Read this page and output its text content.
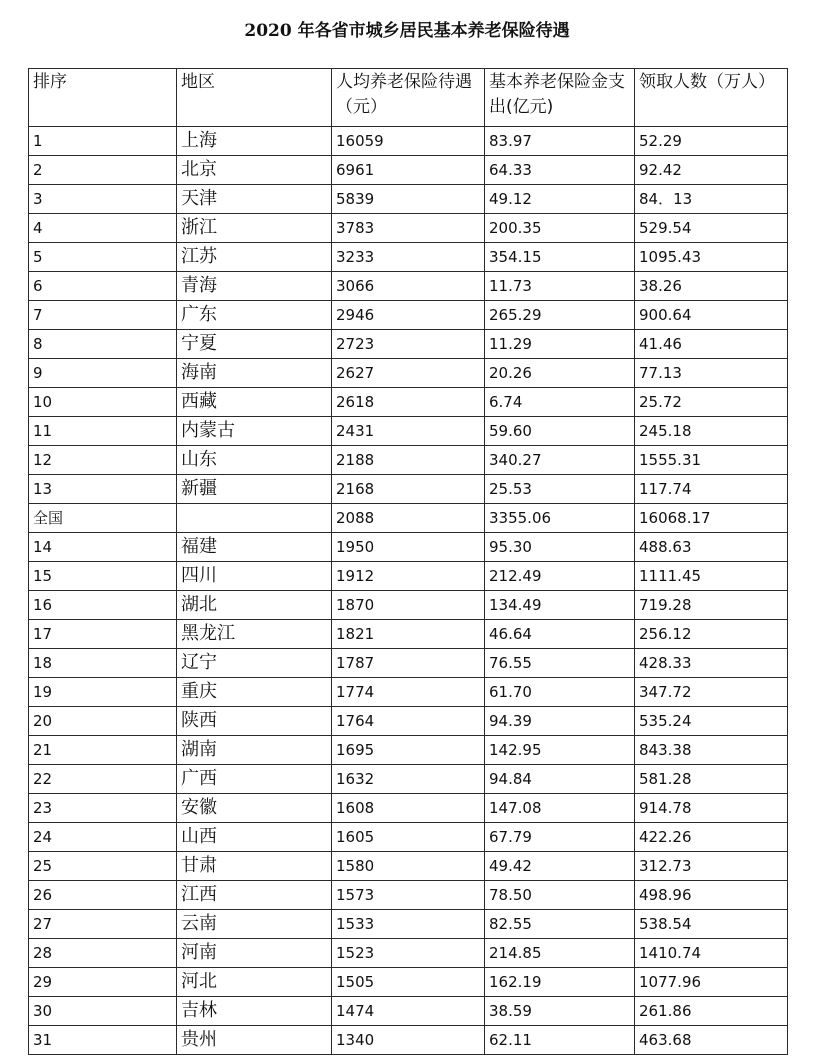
2020 年各省市城乡居民基本养老保险待遇
排序	地区	人均养老保险待遇（元）	基本养老保险金支出(亿元)	领取人数（万人）
1	上海	16059	83.97	52.29
2	北京	6961	64.33	92.42
3	天津	5839	49.12	84．13
4	浙江	3783	200.35	529.54
5	江苏	3233	354.15	1095.43
6	青海	3066	11.73	38.26
7	广东	2946	265.29	900.64
8	宁夏	2723	11.29	41.46
9	海南	2627	20.26	77.13
10	西藏	2618	6.74	25.72
11	内蒙古	2431	59.60	245.18
12	山东	2188	340.27	1555.31
13	新疆	2168	25.53	117.74
全国		2088	3355.06	16068.17
14	福建	1950	95.30	488.63
15	四川	1912	212.49	1111.45
16	湖北	1870	134.49	719.28
17	黑龙江	1821	46.64	256.12
18	辽宁	1787	76.55	428.33
19	重庆	1774	61.70	347.72
20	陕西	1764	94.39	535.24
21	湖南	1695	142.95	843.38
22	广西	1632	94.84	581.28
23	安徽	1608	147.08	914.78
24	山西	1605	67.79	422.26
25	甘肃	1580	49.42	312.73
26	江西	1573	78.50	498.96
27	云南	1533	82.55	538.54
28	河南	1523	214.85	1410.74
29	河北	1505	162.19	1077.96
30	吉林	1474	38.59	261.86
31	贵州	1340	62.11	463.68
